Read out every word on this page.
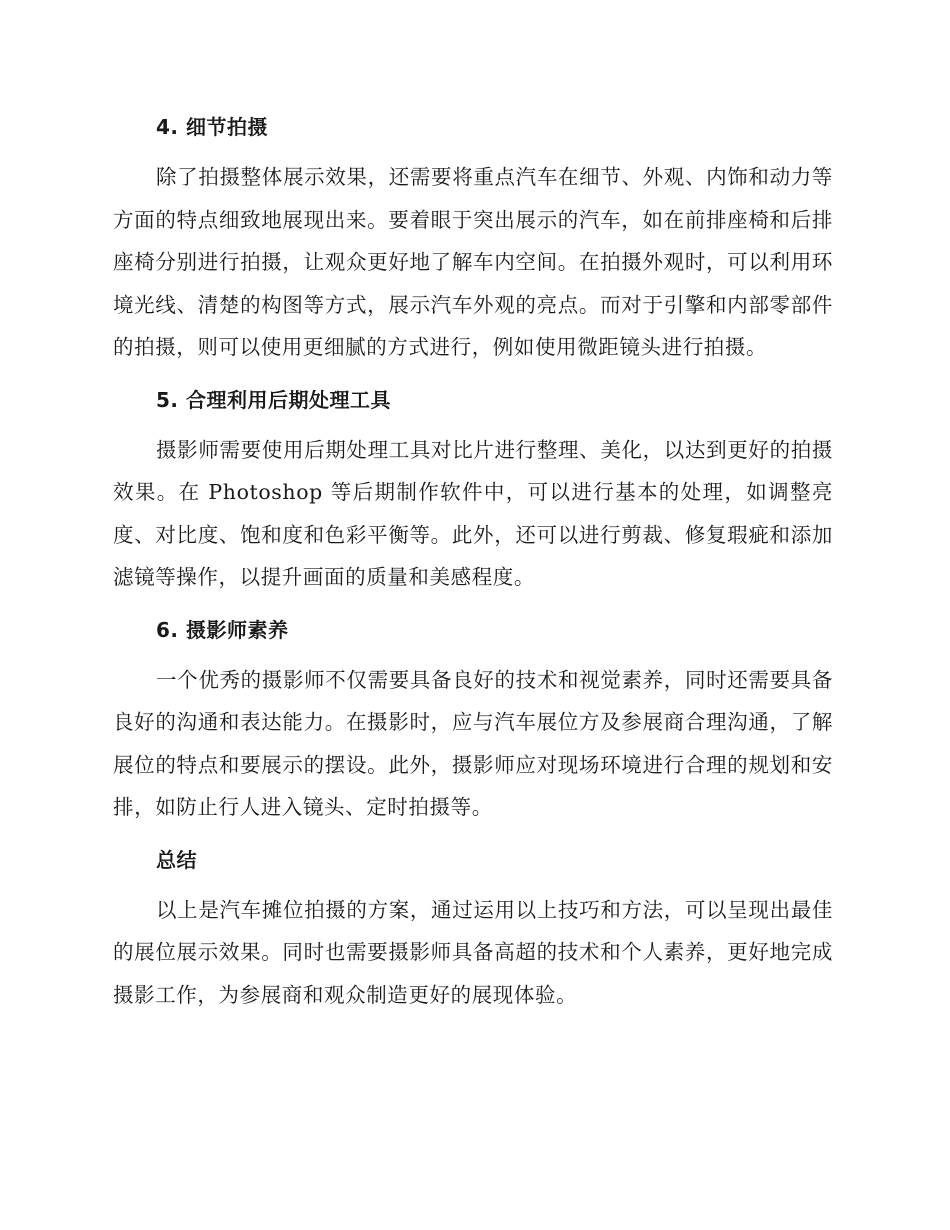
4. 细节拍摄

除了拍摄整体展示效果，还需要将重点汽车在细节、外观、内饰和动力等方面的特点细致地展现出来。要着眼于突出展示的汽车，如在前排座椅和后排座椅分别进行拍摄，让观众更好地了解车内空间。在拍摄外观时，可以利用环境光线、清楚的构图等方式，展示汽车外观的亮点。而对于引擎和内部零部件的拍摄，则可以使用更细腻的方式进行，例如使用微距镜头进行拍摄。

5. 合理利用后期处理工具

摄影师需要使用后期处理工具对比片进行整理、美化，以达到更好的拍摄效果。在 Photoshop 等后期制作软件中，可以进行基本的处理，如调整亮度、对比度、饱和度和色彩平衡等。此外，还可以进行剪裁、修复瑕疵和添加滤镜等操作，以提升画面的质量和美感程度。

6. 摄影师素养

一个优秀的摄影师不仅需要具备良好的技术和视觉素养，同时还需要具备良好的沟通和表达能力。在摄影时，应与汽车展位方及参展商合理沟通，了解展位的特点和要展示的摆设。此外，摄影师应对现场环境进行合理的规划和安排，如防止行人进入镜头、定时拍摄等。

总结

以上是汽车摊位拍摄的方案，通过运用以上技巧和方法，可以呈现出最佳的展位展示效果。同时也需要摄影师具备高超的技术和个人素养，更好地完成摄影工作，为参展商和观众制造更好的展现体验。
